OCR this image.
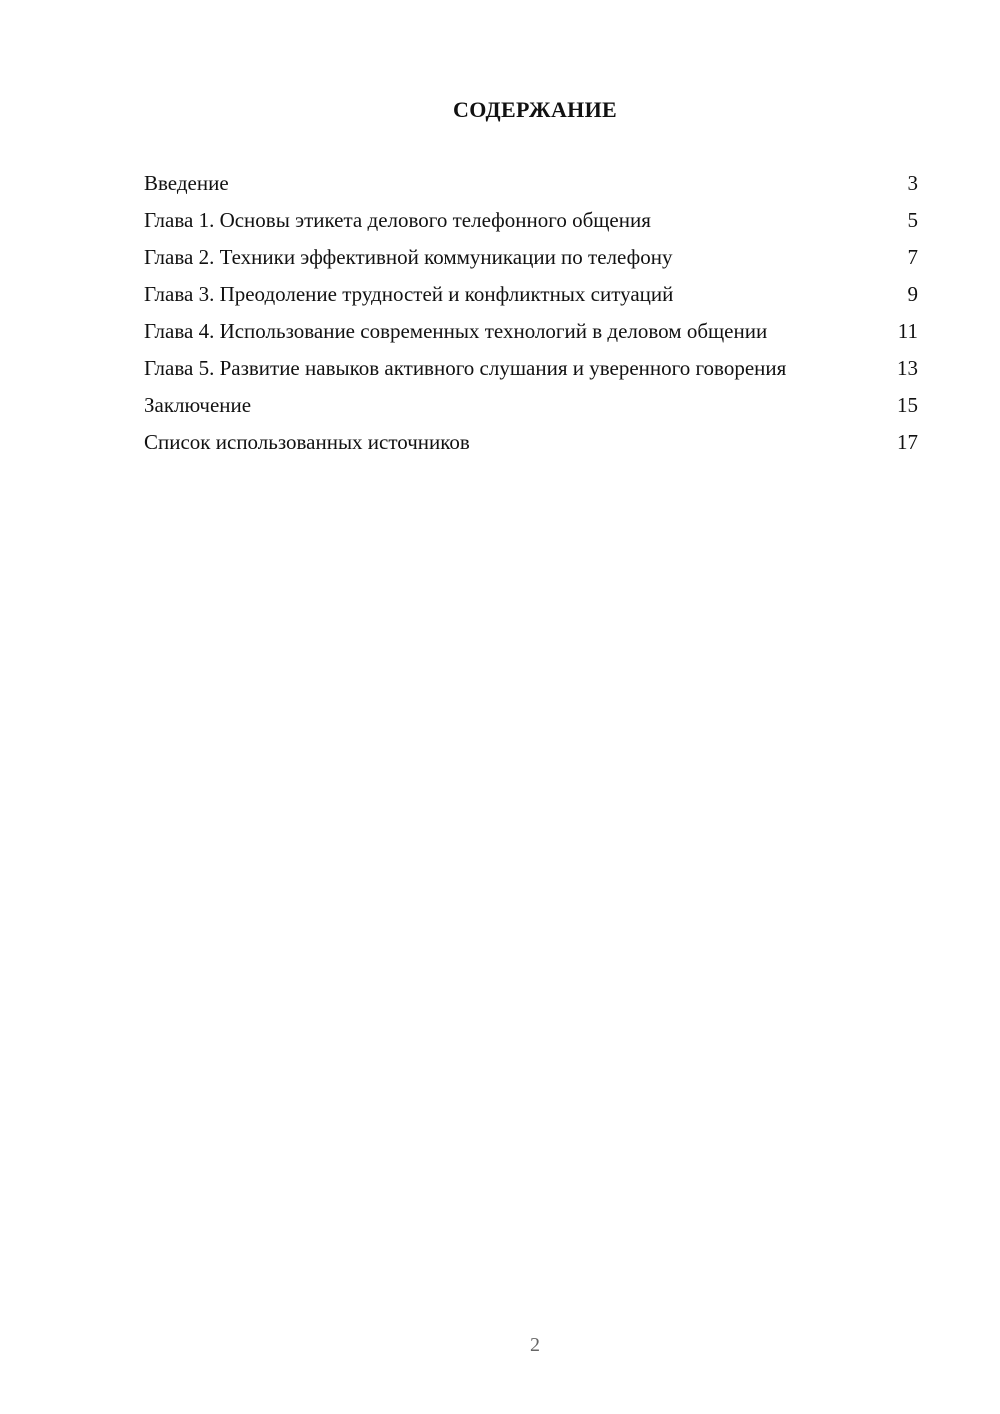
СОДЕРЖАНИЕ
Введение	3
Глава 1. Основы этикета делового телефонного общения	5
Глава 2. Техники эффективной коммуникации по телефону	7
Глава 3. Преодоление трудностей и конфликтных ситуаций	9
Глава 4. Использование современных технологий в деловом общении	11
Глава 5. Развитие навыков активного слушания и уверенного говорения	13
Заключение	15
Список использованных источников	17
2
